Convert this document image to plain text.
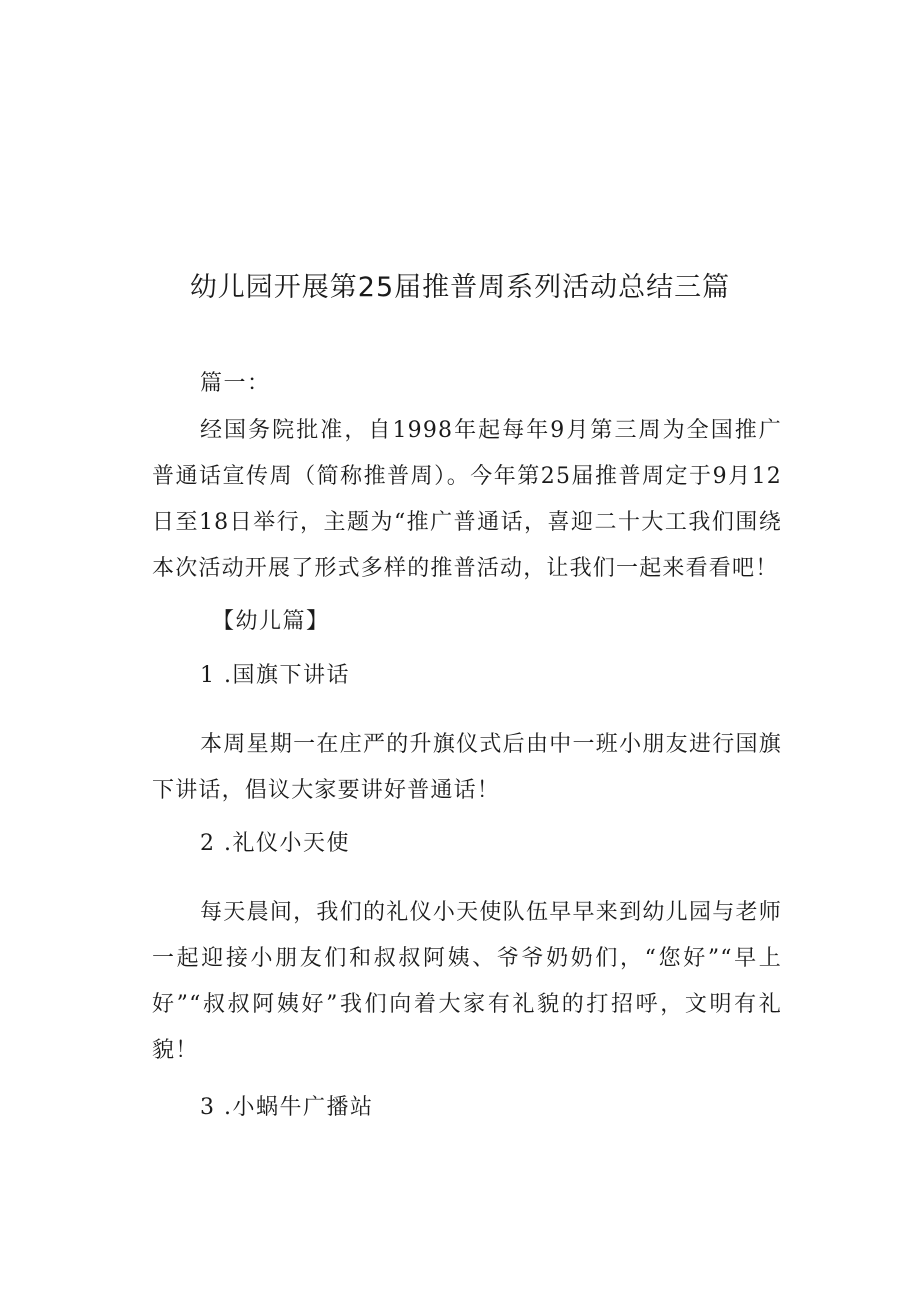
幼儿园开展第25届推普周系列活动总结三篇

篇一：

经国务院批准，自1998年起每年9月第三周为全国推广普通话宣传周（简称推普周）。今年第25届推普周定于9月12日至18日举行，主题为“推广普通话，喜迎二十大工我们围绕本次活动开展了形式多样的推普活动，让我们一起来看看吧！

【幼儿篇】

1 .国旗下讲话

本周星期一在庄严的升旗仪式后由中一班小朋友进行国旗下讲话，倡议大家要讲好普通话！

2 .礼仪小天使

每天晨间，我们的礼仪小天使队伍早早来到幼儿园与老师一起迎接小朋友们和叔叔阿姨、爷爷奶奶们，“您好”“早上好”“叔叔阿姨好”我们向着大家有礼貌的打招呼，文明有礼貌！

3 .小蜗牛广播站
